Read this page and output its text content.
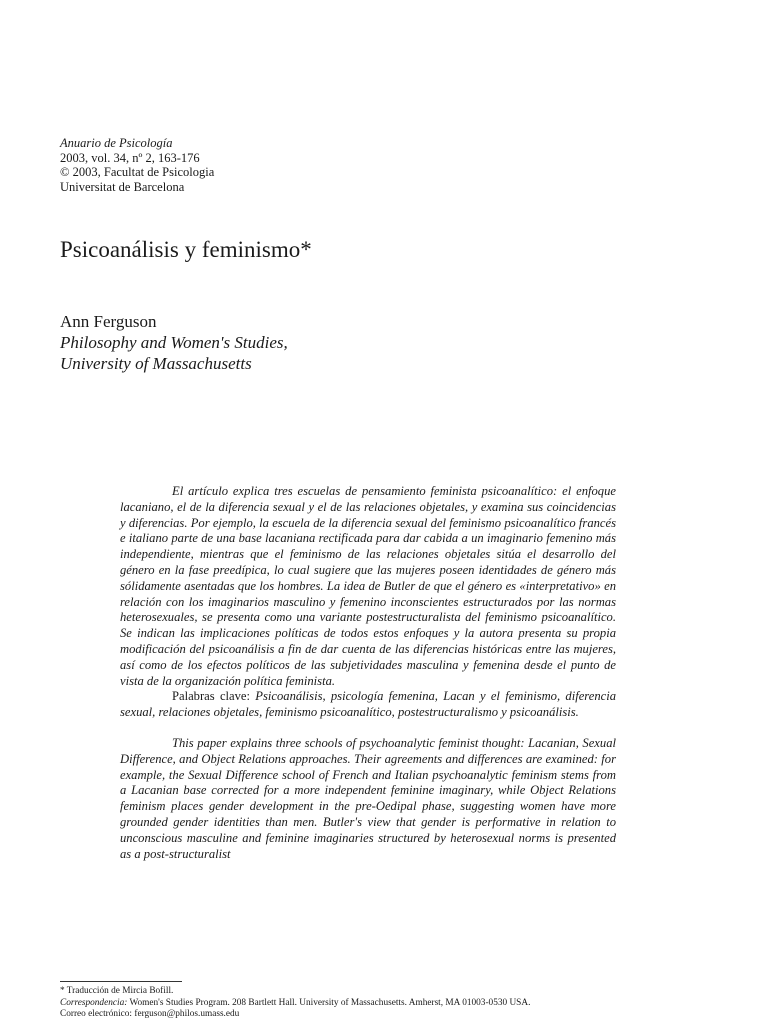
Anuario de Psicología
2003, vol. 34, nº 2, 163-176
© 2003, Facultat de Psicologia
Universitat de Barcelona
Psicoanálisis y feminismo*
Ann Ferguson
Philosophy and Women's Studies,
University of Massachusetts

El artículo explica tres escuelas de pensamiento feminista psicoanalítico: el enfoque lacaniano, el de la diferencia sexual y el de las relaciones objetales, y examina sus coincidencias y diferencias. Por ejemplo, la escuela de la diferencia sexual del feminismo psicoanalítico francés e italiano parte de una base lacaniana rectificada para dar cabida a un imaginario femenino más independiente, mientras que el feminismo de las relaciones objetales sitúa el desarrollo del género en la fase preedípica, lo cual sugiere que las mujeres poseen identidades de género más sólidamente asentadas que los hombres. La idea de Butler de que el género es «interpretativo» en relación con los imaginarios masculino y femenino inconscientes estructurados por las normas heterosexuales, se presenta como una variante postestructuralista del feminismo psicoanalítico. Se indican las implicaciones políticas de todos estos enfoques y la autora presenta su propia modificación del psicoanálisis a fin de dar cuenta de las diferencias históricas entre las mujeres, así como de los efectos políticos de las subjetividades masculina y femenina desde el punto de vista de la organización política feminista.

Palabras clave: Psicoanálisis, psicología femenina, Lacan y el feminismo, diferencia sexual, relaciones objetales, feminismo psicoanalítico, postestructuralismo y psicoanálisis.

This paper explains three schools of psychoanalytic feminist thought: Lacanian, Sexual Difference, and Object Relations approaches. Their agreements and differences are examined: for example, the Sexual Difference school of French and Italian psychoanalytic feminism stems from a Lacanian base corrected for a more independent feminine imaginary, while Object Relations feminism places gender development in the pre-Oedipal phase, suggesting women have more grounded gender identities than men. Butler's view that gender is performative in relation to unconscious masculine and feminine imaginaries structured by heterosexual norms is presented as a post-structuralist

* Traducción de Mircia Bofill.
Correspondencia: Women's Studies Program. 208 Bartlett Hall. University of Massachusetts. Amherst, MA 01003-0530 USA.
Correo electrónico: ferguson@philos.umass.edu
